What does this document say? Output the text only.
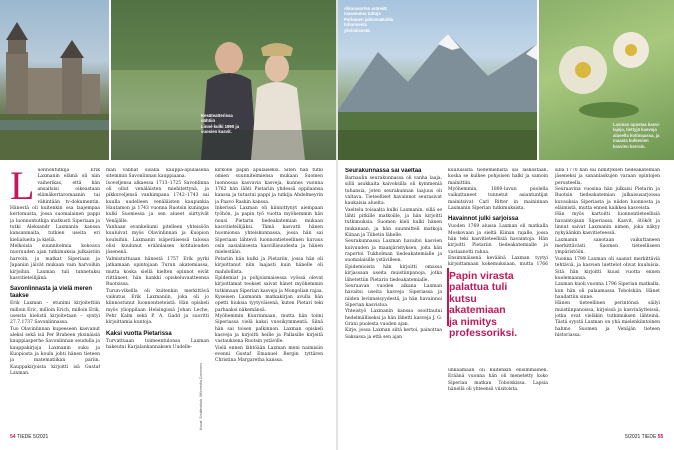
Kesäteatterissa
nähtiin
Linné kulki 1990 ja
vuosien kasvit.
Alkiovuorten eräreiät
maaseutua tuttuja
Perhanen jaikumatkoilla
tuhannesta
yksinäisestä.
Laxman opastaa kasvi-
lajeja, tiettyjä kasveja
alueella kotimaassa, ja
maasta kulkevien
kasvien kerroin.
L uonnontutkija Erik Laxmanin elämä oli niin vaiherikas, että hän ansaitsisi oikeastaan elämäkertaromaanin tai vähintään tv-dokumentin. Hänestä oli kuitenkin osa laajempaa kertomusta, jossa suomalainen pappi ja luonnontutkija matkusti Siperiaan ja tutki Aleksandr Laxmanin kanssa kansanmaita, tutkien useita eri kielialueita ja kieliä.

Melkoisia suunnitelmia kokoava nuoruuden ajan tutkimuksia julkaistiin harvoin, ja matkat Siperiaan ja Japaniin jäivät mukaan vain harvoihin kirjoihin. Laxman tuli tunnetuksi kasvitieteilijänä.

Savonlinnasta ja vielä meren taakse

Erik Laxman – etunimi kirjoitettiin milloin Eric, milloin Erich, milloin Erik, useista kielistä kirjoitetaan – syntyi 27.7.1737 Savonlinnassa.

Tuo Olavinlinnan kupeeseen kasvanut aleksi sekä isä Per Braheen yksinäisiä kauppiasperhe Savonlinnan seudulla ja kauppakirjoja Laxmanin suku ja Kuopiosta ja koulu johti hänen tieteen ja matematiikan pariin. Kauppakirjoista kirjoitti isä Gustaf Laxman.

man vanhat sisällä kauppa-apulaisena sitemmin Savonlinnan kauppiaana.

Isoveljensa alkaessa 1713–1725 Savonlinna oli ollut venäläisten miehitettynä, ja pikkuveljensä vanhimpana 1742–1743 sai kuulla uudelleen venäläisten kaupunkia Hautamon ja 1743 vuonna Ruotsin kuningas kulki Suomessa ja sen alueet siirtyivät Venäjälle.

Vanhaan evankeliumi pitelleen yhteisöön kuuluivat myös Olavinlinnan ja Kuopion kouluihin. Laxmanin isäperäisessä talossa olisi kuulunut eräänlaisen kotitalouden jäsenenä.

Valmistuttuaan hänestä 1757 Erik pyrki jatkamaan opintojaan Turun akatemiassa, mutta koska siellä kielten opinnot eivät riittäneet, hän hankki opiskeluvaatteensa Ruotsissa.

Turun-vikeilla oli kuitenkin merkittävä vaikutus Erik Laxmaniin, joka oli jo kiinnostunut luonnontieteistä. Hän opiskeli myös ylioppilaan Helsingissä Johan Leche, Pehr Kalm sekä P. A. Gadd ja suoritti kirjoittamia kuntoja.

Kaksi vuotta Pietarissa

Turvattuaan toimeentulonsa Laxman hakeutui Karjalankannaksen Uudelle-

Kuvat: Shutterstock, Wikimedia Commons

kirkolle papin apulaiseksi. Siten hän tutki omien suunnitelmiensa mukaan Suomen luonnossa kasvavia kasveja, kunnes vuonna 1762 hän lähti Pietariin yhdessä oppilaansa kanssa ja tutustui pappi ja tutkija Ahdelmeyrin ja Paavo Raskin kanssa.

Inkerissä Laxman oli kiinnittynyt aiempaan työhön, ja papin työ vuotta myöhemmin hän nousi Pietarin tiedeakatemian mukaan kasvitieteilijäksi. Tämä kasvatti hänen huomionsa yhteiskunnassa, jossa hän sai Siperiaan lähtevä luonnontieteellinen kuvaus osin aasialaisesta kasvillisuudesta ja hänen mielestään.

Petariin hän kulki ja Pietariin, jossa hän oli kirjoittanut niin laajasti kuin hänelle oli mahdollista.

Epidemiat ja pohjoismaisessa vyössä olevat kirjoittamat teokset saivat hänet myöhemmin tutkimaan Siperian kasveja ja Mongolian rajaa. Kyseisen Laxmanin matkakirjan avulla hän opetti hiuksia tyytyväisenä, kuten Pietari teki parhaaksi näkemänsä.

Myöhemmin Kuurinmaan, mutta hän toimi Siperiassa vielä kaksi vuosikymmentä. Siinä hän sai toisen palkinnon. Laxman opiskeli kasveja ja kirjoitti heille ja Pallasille kirjeitä vastauksena Ruotsin ystäville.

Vielä ennen lähtöään Laxman meni naimisiin evenni Gustaf Emanuel Bergin tyttären Christina Margaretha kanssa.

54 TIEDE 5/2021

Seurakunnassa sai vaeltaa

Barnaulin seurakunnassa oli vanha laaja, sillä asukkaita kaivoksilla oli kymmeniä tuhansia, joten seurakunnan laajuus oli valtava. Tieteelliset havainnot seurasivat kaukaisia alueita.

Vaeltelu toisaalta kulki Laxmanin, sillä se lähti pitkille matkoille, ja hän kirjoitti tutkimuksia. Suomen kieli kulki hänen mukanaan, ja hän suunnitteli matkoja Kiinan ja Tiibetin lähelle.

Seurakunnassa Laxman havaitsi kasvien kuivuuden ja maanjäristyksen, joita hän raportoi Tukholman tiedeakatemialle ja suomalaisille ystävilleen.

Epidemioista hän kirjoitti omassa kirjassaan useita muistiinpanoja, jotka lähetettiin Pietarin tiedeakatemialle.

Seuraavan vuoden aikana Laxman havaitsi useita kasveja Siperiassa ja niiden levinneisyydestä, ja hän havainnoi Siperian kasvistoa.

Yhteistyö Laxmanin kanssa osoittautui hedelmälliseksi ja hän lähetti kasveja J. G. Grani puolesta vuoden ajan.

Kirje, jossa Laxman siitä kertoi, painottaa Saksassa ja että sen ajan

kuuluisista tiedemiehistä sai laskostaan, koska se kulkee pohjoisen halki ja samoin mainittiin.

Myöhemmin, 1800-luvun puolella vaikuttaneet tunnetut asiantuntijat mainitsivat Carl Ritter in maininnan Laxmanin Siperian tutkimuksista.

Havainnot julki sarjoissa

Vuoden 1769 alussa Laxman oli matkalla Moskovaan ja sieltä Kiinan rajalle, jossa hän teki kasvitieteellisiä havaintoja. Hän kirjoitti Pietariin tiedeakatemialle ja vastaanotti rahaa.

Ensimmäisenä keväänä Laxman tyytyi kirjoittamaan kokemuksiaan, mutta 1766

Papin virasta palattua tuli kutsu akatemiaan ja nimitys professoriksi.

uhkaamaan oli kuitenkin ensimmäinen. Eräänä vuonna hän oli menetetty koko Siperian matkan Tobolskissa. Lapsia hänellä oli yhteensä viisitoista.

sillä 1770 hän sai nimityksen tiedeakatemian jäseneksi ja sananlaskujen varaan opintojen perusteella.

Seuraavina vuosina hän julkaisi Pietarin ja Ruotsin tiedeakatemian julkaisusarjoissa kuvauksia Siperiasta ja niiden luonnosta ja eläimistä, mutta ennen kaikkea kasveista.

Hän myös kartoitti luonnontieteellisiä havaintojaan Siperiassa. Kasvit, ötököt ja linnut saivat Laxmanin nimen, joka näkyy nykyäänkin kasvitieteessä.

Laxmanin sanotaan vaikuttaneen merkittävästi Suomen tieteelliseen ympäristöön.

Vuonna 1799 Laxman oli saanut merkittäviä tehtäviä, ja kasvien luettelot olivat kuuluisia. Sitä hän kirjoitti kuusi vuotta ennen kuolemaansa.

Laxman kuoli vuonna 1796 Siperian matkalla, kun hän oli palaamassa Tobolskiin. Hänet haudattiin sinne.

Hänen tieteellinen perintönsä säilyi muistiinpanoissa, kirjeissä ja kasvinäytteissä, jotka ovat vieläkin tutkimuksen lähteinä. Tästä syystä Laxman on yhä mielenkiintoinen hahmo Suomen ja Venäjän tieteen historiassa.

5/2021 TIEDE 55
